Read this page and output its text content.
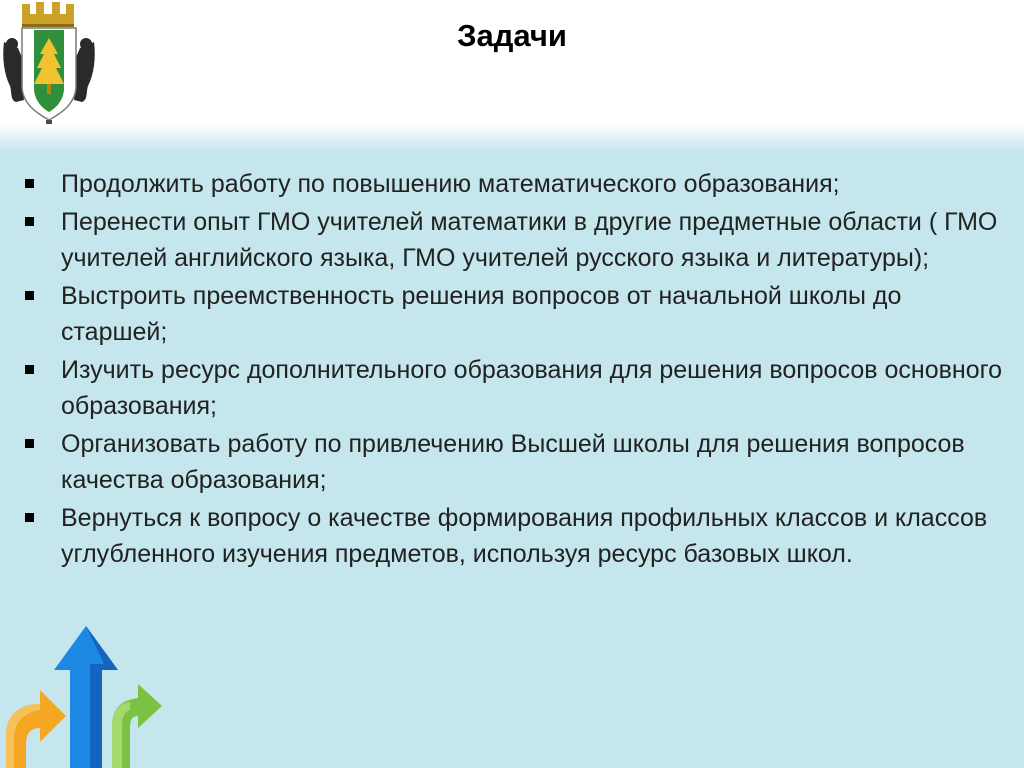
Задачи
Продолжить работу по повышению математического образования;
Перенести опыт ГМО учителей математики в другие предметные области ( ГМО учителей английского языка, ГМО учителей русского языка и литературы);
Выстроить преемственность решения вопросов от начальной школы до старшей;
Изучить ресурс дополнительного образования для решения вопросов основного образования;
Организовать работу по привлечению Высшей школы для решения вопросов качества образования;
Вернуться к вопросу о качестве формирования профильных классов и классов углубленного изучения предметов, используя ресурс базовых школ.
